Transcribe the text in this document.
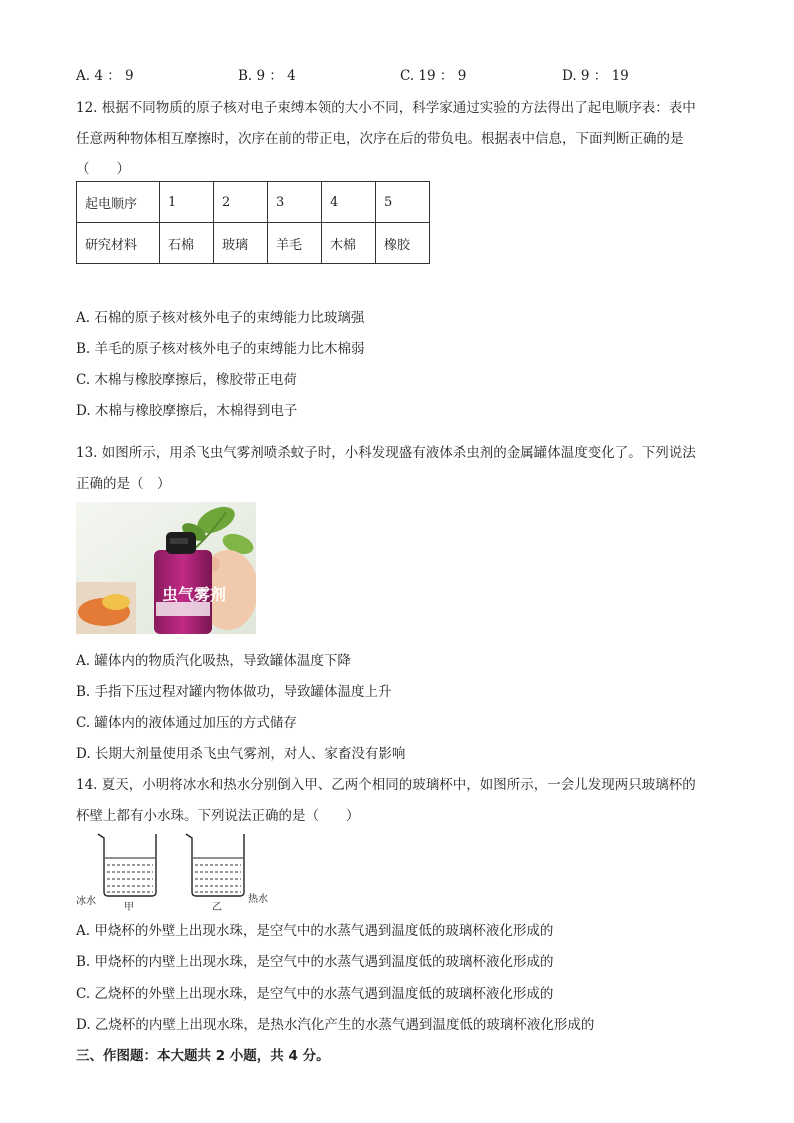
A. 4 ： 9	B. 9 ： 4	C. 19 ： 9	D. 9 ： 19
12. 根据不同物质的原子核对电子束缚本领的大小不同，科学家通过实验的方法得出了起电顺序表：表中
任意两种物体相互摩擦时，次序在前的带正电，次序在后的带负电。根据表中信息，下面判断正确的是
（　　）
起电顺序	1	2	3	4	5
研究材料	石棉	玻璃	羊毛	木棉	橡胶
A. 石棉的原子核对核外电子的束缚能力比玻璃强
B. 羊毛的原子核对核外电子的束缚能力比木棉弱
C. 木棉与橡胶摩擦后，橡胶带正电荷
D. 木棉与橡胶摩擦后，木棉得到电子
13. 如图所示，用杀飞虫气雾剂喷杀蚊子时，小科发现盛有液体杀虫剂的金属罐体温度变化了。下列说法
正确的是（　）
虫气雾剂
A. 罐体内的物质汽化吸热，导致罐体温度下降
B. 手指下压过程对罐内物体做功，导致罐体温度上升
C. 罐体内的液体通过加压的方式储存
D. 长期大剂量使用杀飞虫气雾剂，对人、家畜没有影响
14. 夏天，小明将冰水和热水分别倒入甲、乙两个相同的玻璃杯中，如图所示，一会儿发现两只玻璃杯的
杯壁上都有小水珠。下列说法正确的是（　　）
冰水
甲	乙
热水
A. 甲烧杯的外壁上出现水珠，是空气中的水蒸气遇到温度低的玻璃杯液化形成的
B. 甲烧杯的内壁上出现水珠，是空气中的水蒸气遇到温度低的玻璃杯液化形成的
C. 乙烧杯的外壁上出现水珠，是空气中的水蒸气遇到温度低的玻璃杯液化形成的
D. 乙烧杯的内壁上出现水珠，是热水汽化产生的水蒸气遇到温度低的玻璃杯液化形成的
三、作图题：本大题共 2 小题，共 4 分。
